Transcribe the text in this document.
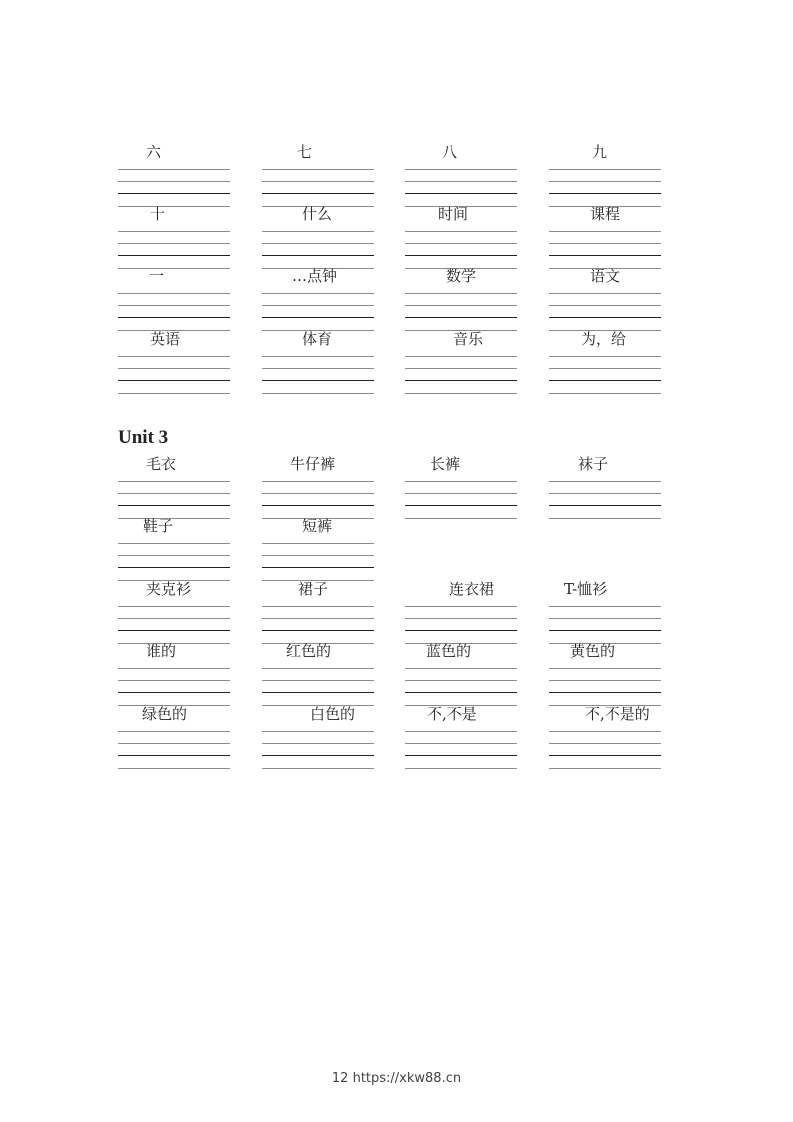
六	七	八	九
十	什么	时间	课程
一	…点钟	数学	语文
英语	体育	音乐	为，给
Unit 3
毛衣	牛仔裤	长裤	袜子
鞋子	短裤
夹克衫	裙子	连衣裙	T-恤衫
谁的	红色的	蓝色的	黄色的
绿色的	白色的	不,不是	不,不是的
12 https://xkw88.cn
